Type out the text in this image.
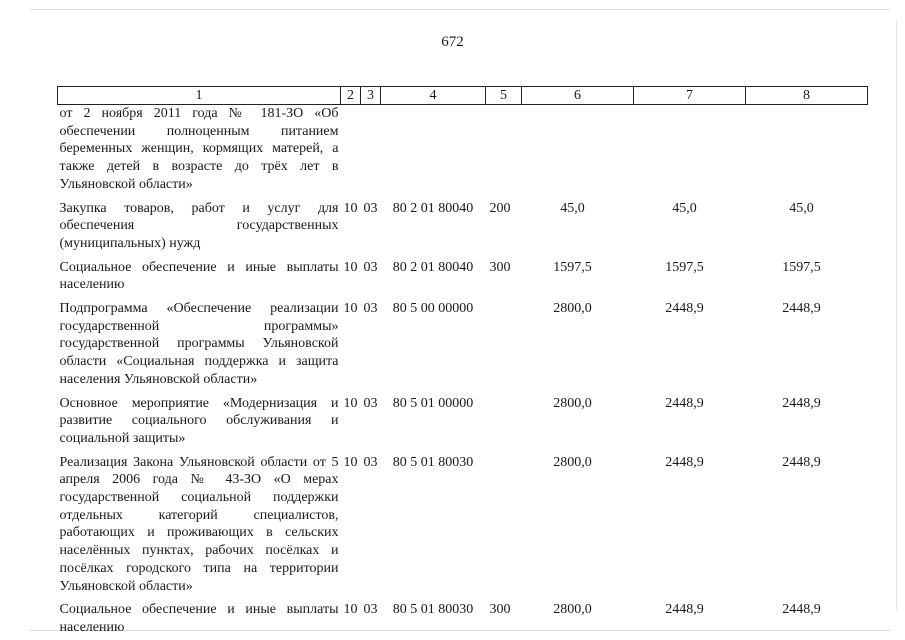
672
1	2	3	4	5	6	7	8
от 2 ноября 2011 года № 181-ЗО «Об обеспечении полноценным питанием беременных женщин, кормящих матерей, а также детей в возрасте до трёх лет в Ульяновской области»							
Закупка товаров, работ и услуг для обеспечения государственных (муниципальных) нужд	10	03	80 2 01 80040	200	45,0	45,0	45,0
Социальное обеспечение и иные выплаты населению	10	03	80 2 01 80040	300	1597,5	1597,5	1597,5
Подпрограмма «Обеспечение реализации государственной программы» государственной программы Ульяновской области «Социальная поддержка и защита населения Ульяновской области»	10	03	80 5 00 00000		2800,0	2448,9	2448,9
Основное мероприятие «Модернизация и развитие социального обслуживания и социальной защиты»	10	03	80 5 01 00000		2800,0	2448,9	2448,9
Реализация Закона Ульяновской области от 5 апреля 2006 года № 43-ЗО «О мерах государственной социальной поддержки отдельных категорий специалистов, работающих и проживающих в сельских населённых пунктах, рабочих посёлках и посёлках городского типа на территории Ульяновской области»	10	03	80 5 01 80030		2800,0	2448,9	2448,9
Социальное обеспечение и иные выплаты населению	10	03	80 5 01 80030	300	2800,0	2448,9	2448,9
